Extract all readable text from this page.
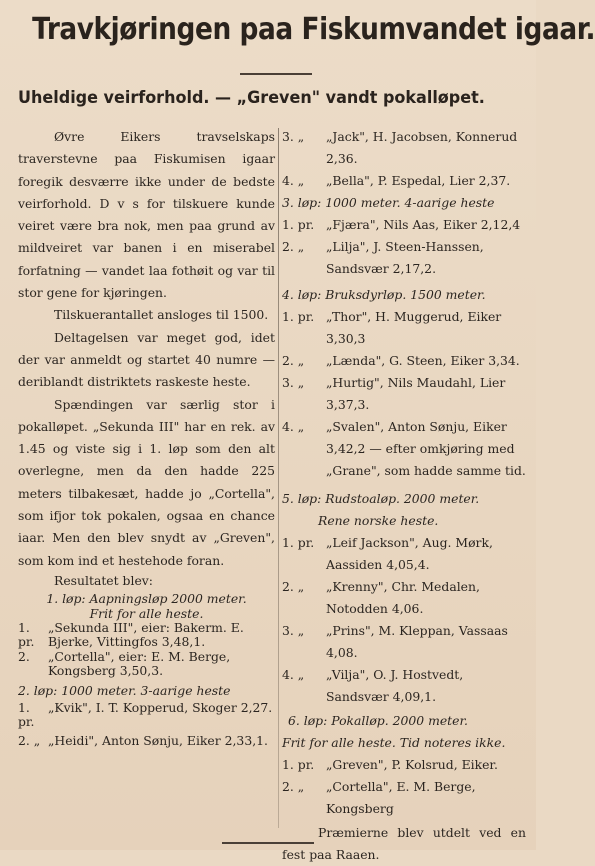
Travkjøringen paa Fiskumvandet igaar.
Uheldige veirforhold. — „Greven" vandt pokalløpet.

Øvre Eikers travselskaps traverstevne paa Fiskumisen igaar foregik desværre ikke under de bedste veirforhold. D v s for tilskuere kunde veiret være bra nok, men paa grund av mildveiret var banen i en miserabel forfatning — vandet laa fothøit og var til stor gene for kjøringen.

Tilskuerantallet ansloges til 1500.

Deltagelsen var meget god, idet der var anmeldt og startet 40 numre — deriblandt distriktets raskeste heste.

Spændingen var særlig stor i pokalløpet. „Sekunda III" har en rek. av 1.45 og viste sig i 1. løp som den alt overlegne, men da den hadde 225 meters tilbakesæt, hadde jo „Cortella", som ifjor tok pokalen, ogsaa en chance iaar. Men den blev snydt av „Greven", som kom ind et hestehode foran.

Resultatet blev:

1. løp: Aapningsløp 2000 meter.
Frit for alle heste.
1. pr.
„Sekunda III", eier: Bakerm. E. Bjerke, Vittingfos 3,48,1.
2.	„Cortella", eier: E. M. Berge, Kongsberg 3,50,3.
2. løp: 1000 meter. 3-aarige heste
1. pr.
„Kvik", I. T. Kopperud, Skoger 2,27.
2. „ „Heidi", Anton Sønju, Eiker 2,33,1.
3. „	„Jack", H. Jacobsen, Konnerud 2,36.
4. „	„Bella", P. Espedal, Lier 2,37.
3. løp: 1000 meter. 4-aarige heste
1. pr. „Fjæra", Nils Aas, Eiker 2,12,4
2. „	„Lilja", J. Steen-Hanssen, Sandsvær 2,17,2.
4. løp: Bruksdyrløp. 1500 meter.
1. pr. „Thor", H. Muggerud, Eiker 3,30,3
2. „	„Lænda", G. Steen, Eiker 3,34.
3. „	„Hurtig", Nils Maudahl, Lier 3,37,3.
4. „	„Svalen", Anton Sønju, Eiker 3,42,2 — efter omkjøring med „Grane", som hadde samme tid.
5. løp: Rudstoaløp. 2000 meter.
Rene norske heste.
1. pr. „Leif Jackson", Aug. Mørk, Aassiden 4,05,4.
2. „	„Krenny", Chr. Medalen, Notodden 4,06.
3. „	„Prins", M. Kleppan, Vassaas 4,08.
4. „	„Vilja", O. J. Hostvedt, Sandsvær 4,09,1.
6. løp: Pokalløp. 2000 meter.
Frit for alle heste. Tid noteres ikke.
1. pr. „Greven", P. Kolsrud, Eiker.
2. „	„Cortella", E. M. Berge, Kongsberg

Præmierne blev utdelt ved en fest paa Raaen.
